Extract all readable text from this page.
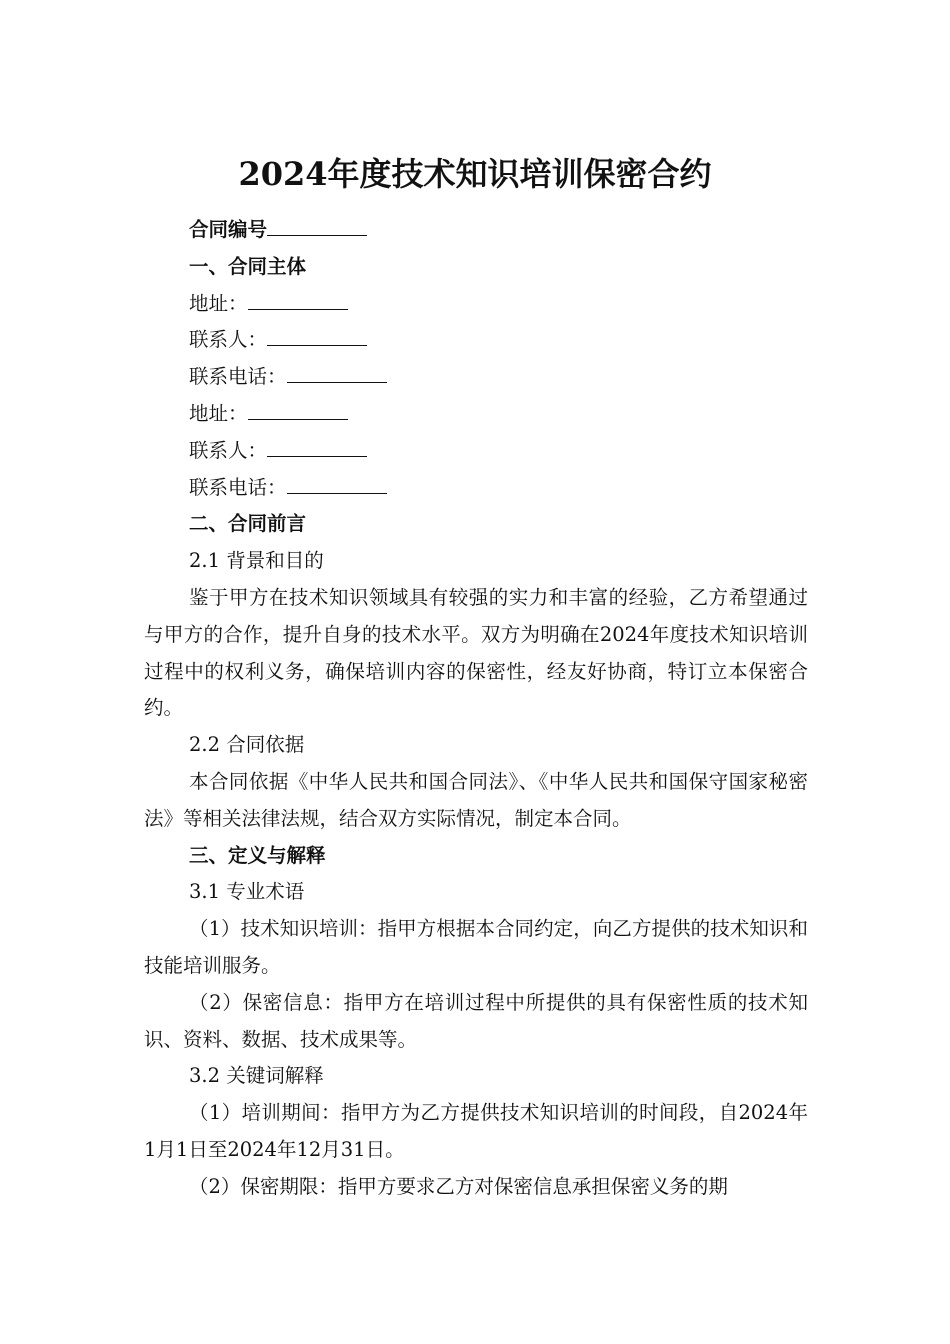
2024年度技术知识培训保密合约

合同编号

一、合同主体

地址：

联系人：

联系电话：

地址：

联系人：

联系电话：

二、合同前言

2.1 背景和目的

鉴于甲方在技术知识领域具有较强的实力和丰富的经验，乙方希望通过与甲方的合作，提升自身的技术水平。双方为明确在2024年度技术知识培训过程中的权利义务，确保培训内容的保密性，经友好协商，特订立本保密合约。

2.2 合同依据

本合同依据《中华人民共和国合同法》、《中华人民共和国保守国家秘密法》等相关法律法规，结合双方实际情况，制定本合同。

三、定义与解释

3.1 专业术语

（1）技术知识培训：指甲方根据本合同约定，向乙方提供的技术知识和技能培训服务。

（2）保密信息：指甲方在培训过程中所提供的具有保密性质的技术知识、资料、数据、技术成果等。

3.2 关键词解释

（1）培训期间：指甲方为乙方提供技术知识培训的时间段，自2024年1月1日至2024年12月31日。

（2）保密期限：指甲方要求乙方对保密信息承担保密义务的期
